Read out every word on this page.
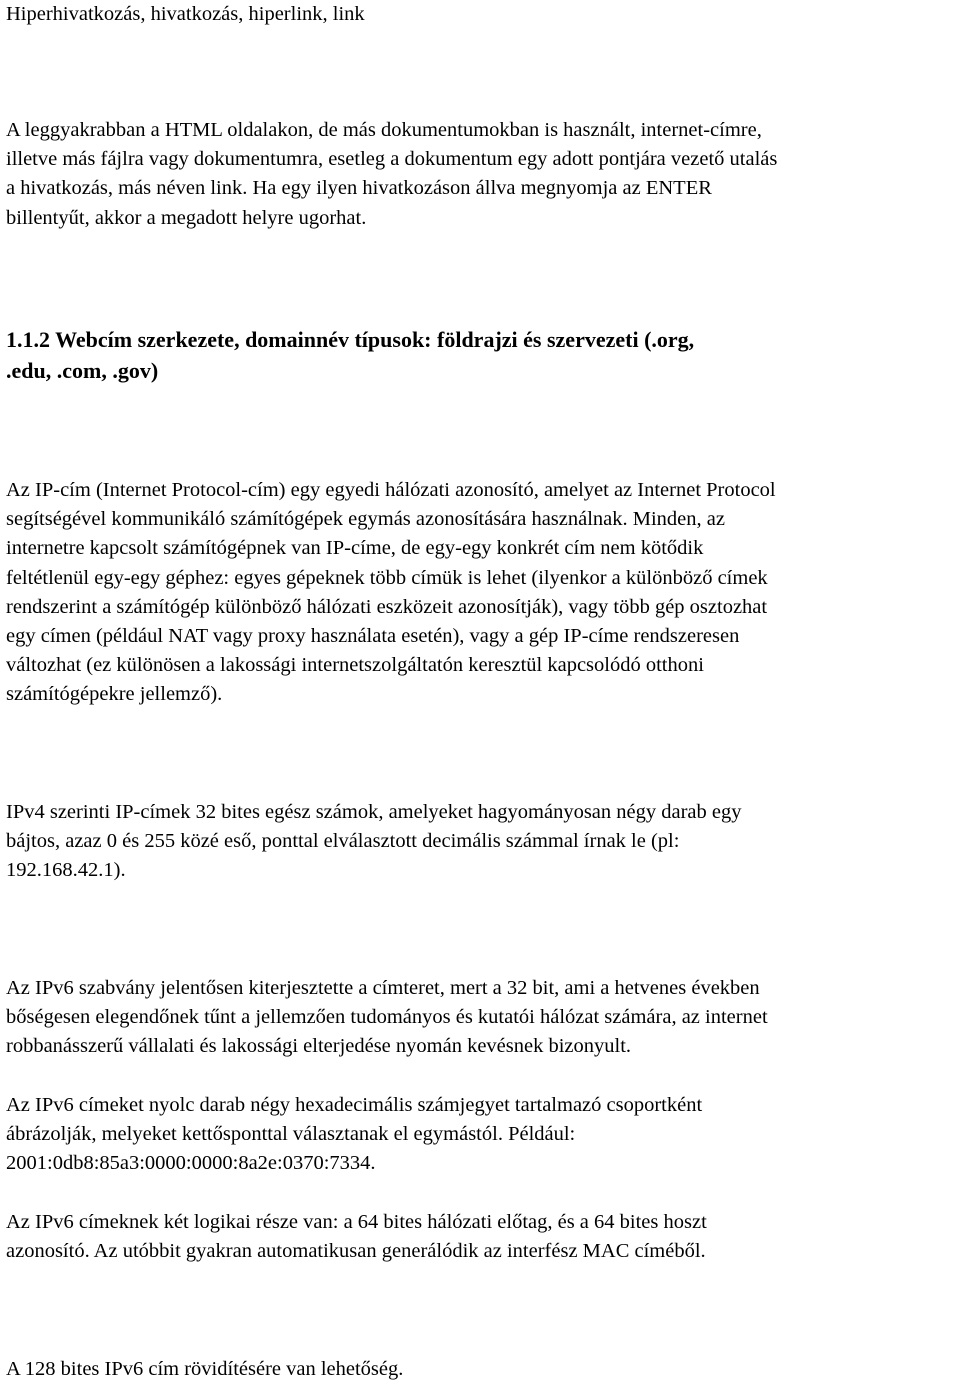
Hiperhivatkozás, hivatkozás, hiperlink, link

A leggyakrabban a HTML oldalakon, de más dokumentumokban is használt, internet-címre,
illetve más fájlra vagy dokumentumra, esetleg a dokumentum egy adott pontjára vezető utalás
a hivatkozás, más néven link. Ha egy ilyen hivatkozáson állva megnyomja az ENTER
billentyűt, akkor a megadott helyre ugorhat.

1.1.2 Webcím szerkezete, domainnév típusok: földrajzi és szervezeti (.org,
.edu, .com, .gov)

Az IP-cím (Internet Protocol-cím) egy egyedi hálózati azonosító, amelyet az Internet Protocol
segítségével kommunikáló számítógépek egymás azonosítására használnak. Minden, az
internetre kapcsolt számítógépnek van IP-címe, de egy-egy konkrét cím nem kötődik
feltétlenül egy-egy géphez: egyes gépeknek több címük is lehet (ilyenkor a különböző címek
rendszerint a számítógép különböző hálózati eszközeit azonosítják), vagy több gép osztozhat
egy címen (például NAT vagy proxy használata esetén), vagy a gép IP-címe rendszeresen
változhat (ez különösen a lakossági internetszolgáltatón keresztül kapcsolódó otthoni
számítógépekre jellemző).

IPv4 szerinti IP-címek 32 bites egész számok, amelyeket hagyományosan négy darab egy
bájtos, azaz 0 és 255 közé eső, ponttal elválasztott decimális számmal írnak le (pl:
192.168.42.1).

Az IPv6 szabvány jelentősen kiterjesztette a címteret, mert a 32 bit, ami a hetvenes években
bőségesen elegendőnek tűnt a jellemzően tudományos és kutatói hálózat számára, az internet
robbanásszerű vállalati és lakossági elterjedése nyomán kevésnek bizonyult.

Az IPv6 címeket nyolc darab négy hexadecimális számjegyet tartalmazó csoportként
ábrázolják, melyeket kettősponttal választanak el egymástól. Például:
2001:0db8:85a3:0000:0000:8a2e:0370:7334.

Az IPv6 címeknek két logikai része van: a 64 bites hálózati előtag, és a 64 bites hoszt
azonosító. Az utóbbit gyakran automatikusan generálódik az interfész MAC címéből.

A 128 bites IPv6 cím rövidítésére van lehetőség.
